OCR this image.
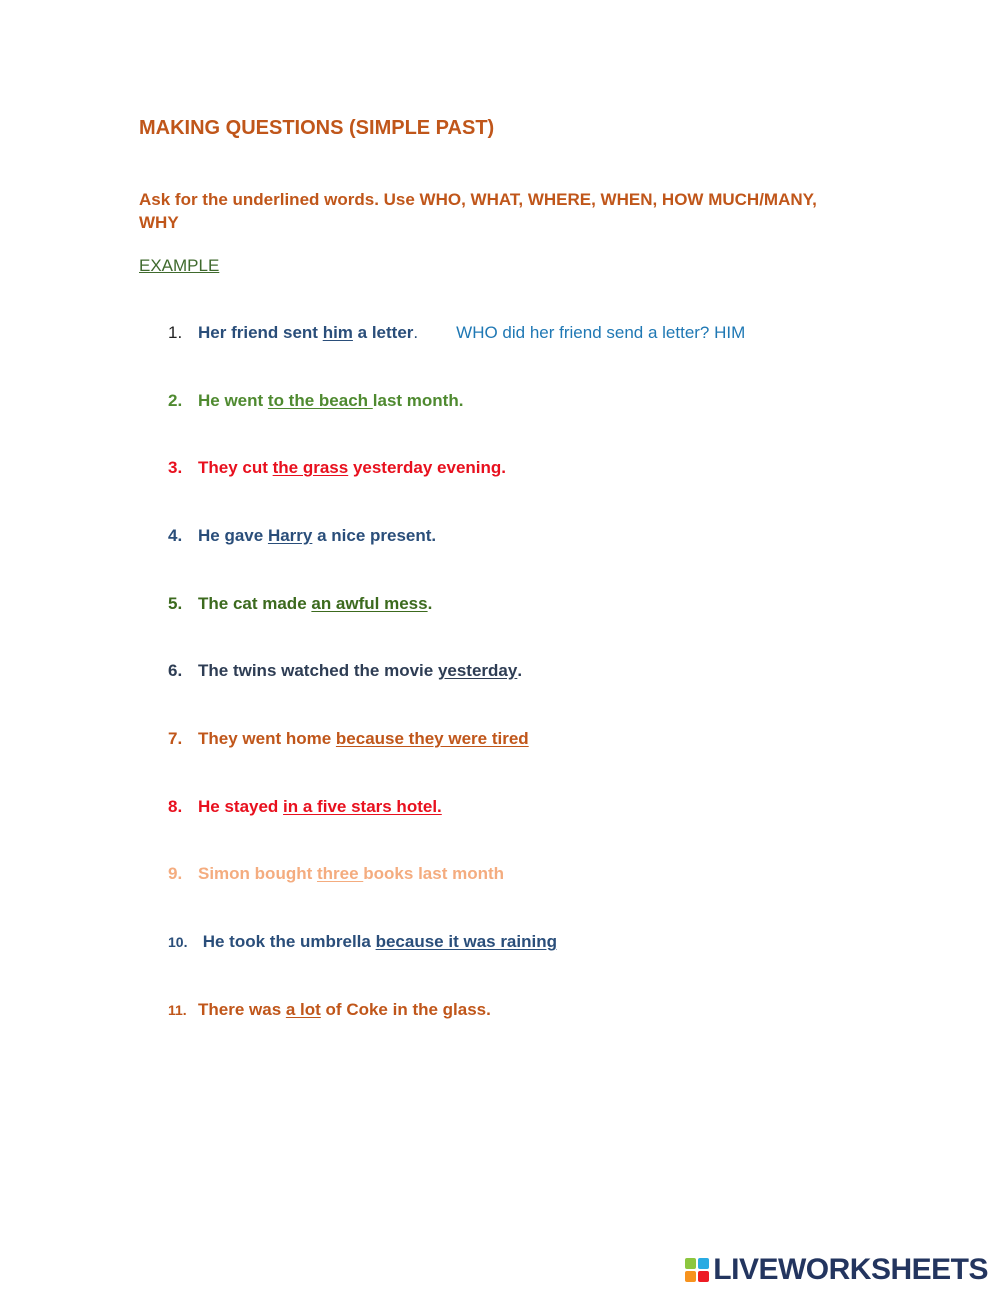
MAKING QUESTIONS (SIMPLE PAST)
Ask for the underlined words. Use WHO, WHAT, WHERE, WHEN, HOW MUCH/MANY, WHY
EXAMPLE
1. Her friend sent him a letter . WHO did her friend send a letter? HIM
2. He went to the beach last month.
3. They cut the grass yesterday evening.
4. He gave Harry a nice present.
5. The cat made an awful mess .
6. The twins watched the movie yesterday .
7. They went home because they were tired
8. He stayed in a five stars hotel.
9. Simon bought three books last month
10. He took the umbrella because it was raining
11. There was a lot of Coke in the glass.
LIVEWORKSHEETS
